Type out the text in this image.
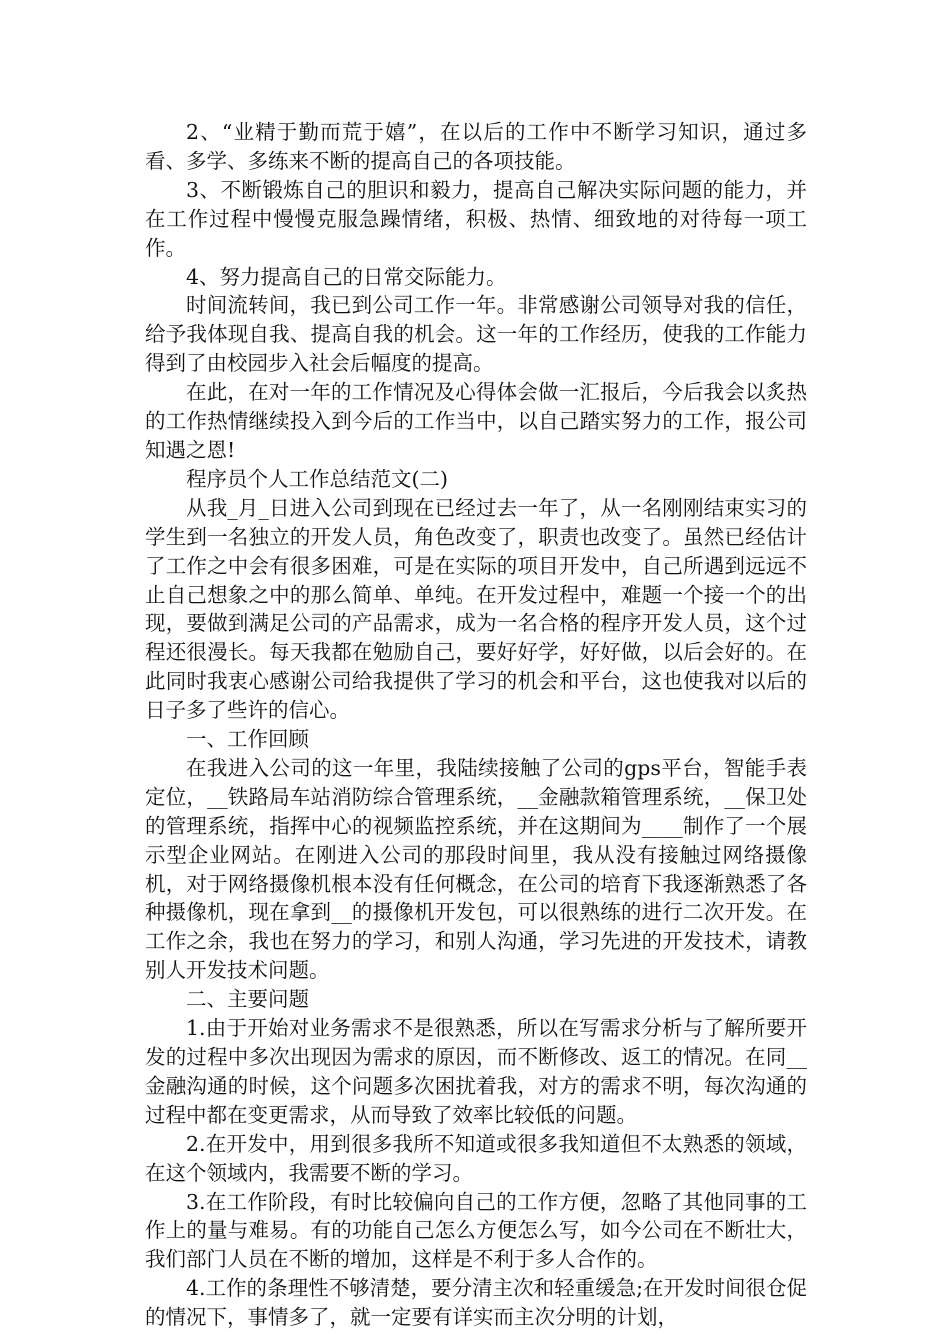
2、“业精于勤而荒于嬉”，在以后的工作中不断学习知识，通过多看、多学、多练来不断的提高自己的各项技能。

3、不断锻炼自己的胆识和毅力，提高自己解决实际问题的能力，并在工作过程中慢慢克服急躁情绪，积极、热情、细致地的对待每一项工作。

4、努力提高自己的日常交际能力。

时间流转间，我已到公司工作一年。非常感谢公司领导对我的信任，给予我体现自我、提高自我的机会。这一年的工作经历，使我的工作能力得到了由校园步入社会后幅度的提高。

在此，在对一年的工作情况及心得体会做一汇报后，今后我会以炙热的工作热情继续投入到今后的工作当中，以自己踏实努力的工作，报公司知遇之恩!

程序员个人工作总结范文(二)

从我_月_日进入公司到现在已经过去一年了，从一名刚刚结束实习的学生到一名独立的开发人员，角色改变了，职责也改变了。虽然已经估计了工作之中会有很多困难，可是在实际的项目开发中，自己所遇到远远不止自己想象之中的那么简单、单纯。在开发过程中，难题一个接一个的出现，要做到满足公司的产品需求，成为一名合格的程序开发人员，这个过程还很漫长。每天我都在勉励自己，要好好学，好好做，以后会好的。在此同时我衷心感谢公司给我提供了学习的机会和平台，这也使我对以后的日子多了些许的信心。

一、工作回顾

在我进入公司的这一年里，我陆续接触了公司的gps平台，智能手表定位，__铁路局车站消防综合管理系统，__金融款箱管理系统，__保卫处的管理系统，指挥中心的视频监控系统，并在这期间为____制作了一个展示型企业网站。在刚进入公司的那段时间里，我从没有接触过网络摄像机，对于网络摄像机根本没有任何概念，在公司的培育下我逐渐熟悉了各种摄像机，现在拿到__的摄像机开发包，可以很熟练的进行二次开发。在工作之余，我也在努力的学习，和别人沟通，学习先进的开发技术，请教别人开发技术问题。

二、主要问题

1.由于开始对业务需求不是很熟悉，所以在写需求分析与了解所要开发的过程中多次出现因为需求的原因，而不断修改、返工的情况。在同__金融沟通的时候，这个问题多次困扰着我，对方的需求不明，每次沟通的过程中都在变更需求，从而导致了效率比较低的问题。

2.在开发中，用到很多我所不知道或很多我知道但不太熟悉的领域，在这个领域内，我需要不断的学习。

3.在工作阶段，有时比较偏向自己的工作方便，忽略了其他同事的工作上的量与难易。有的功能自己怎么方便怎么写，如今公司在不断壮大，我们部门人员在不断的增加，这样是不利于多人合作的。

4.工作的条理性不够清楚，要分清主次和轻重缓急;在开发时间很仓促的情况下，事情多了，就一定要有详实而主次分明的计划，
